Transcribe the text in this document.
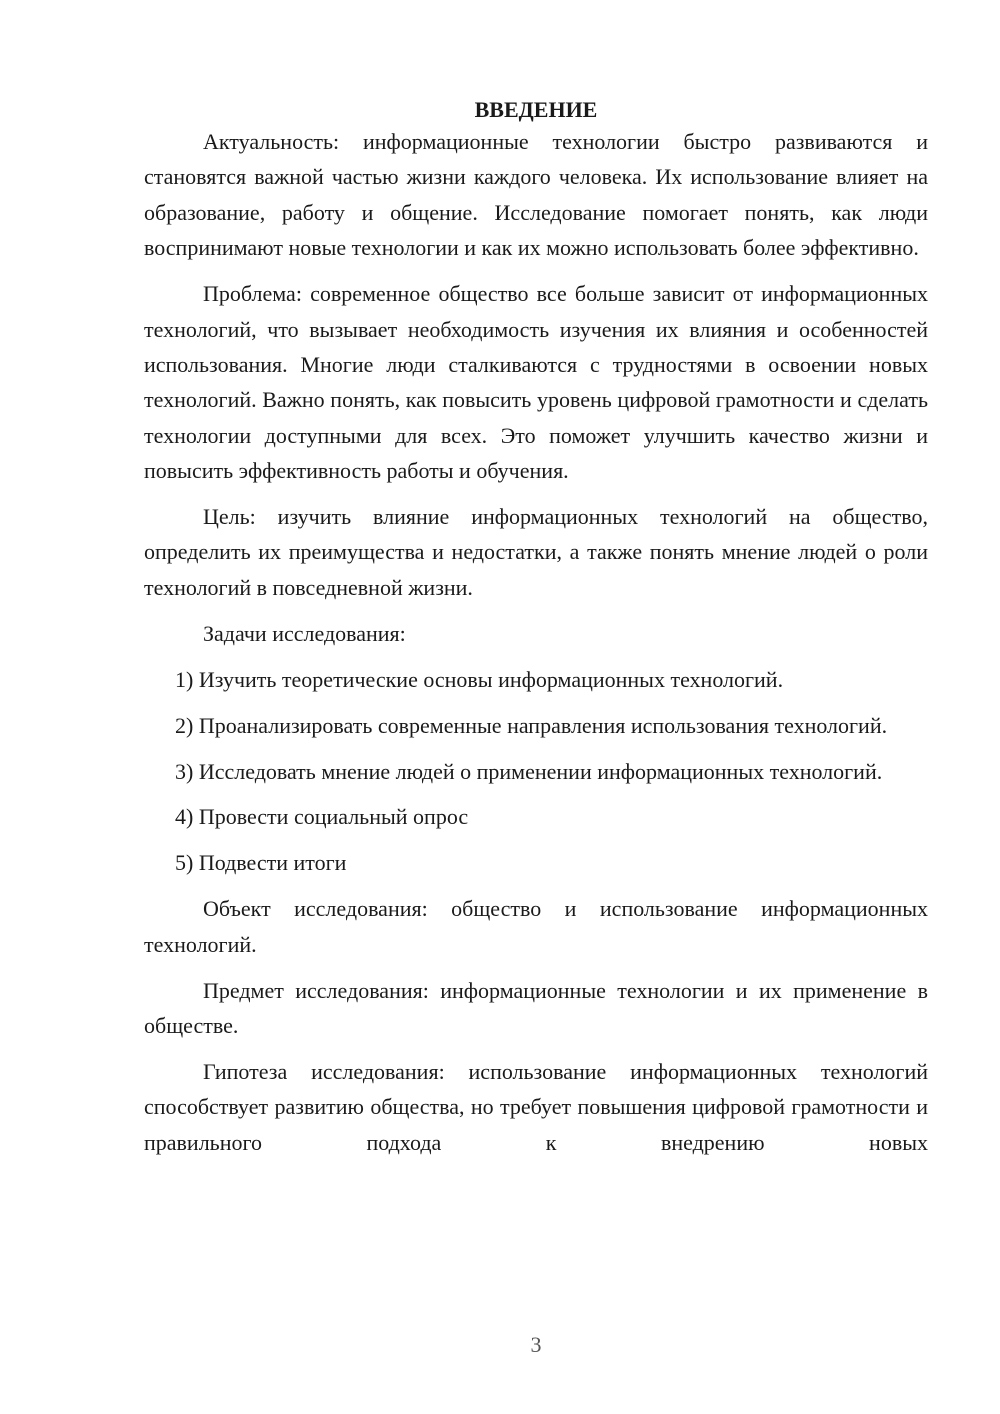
ВВЕДЕНИЕ

Актуальность: информационные технологии быстро развиваются и становятся важной частью жизни каждого человека. Их использование влияет на образование, работу и общение. Исследование помогает понять, как люди воспринимают новые технологии и как их можно использовать более эффективно.

Проблема: современное общество все больше зависит от информационных технологий, что вызывает необходимость изучения их влияния и особенностей использования. Многие люди сталкиваются с трудностями в освоении новых технологий. Важно понять, как повысить уровень цифровой грамотности и сделать технологии доступными для всех. Это поможет улучшить качество жизни и повысить эффективность работы и обучения.

Цель: изучить влияние информационных технологий на общество, определить их преимущества и недостатки, а также понять мнение людей о роли технологий в повседневной жизни.

Задачи исследования:

1) Изучить теоретические основы информационных технологий.

2) Проанализировать современные направления использования технологий.

3) Исследовать мнение людей о применении информационных технологий.

4) Провести социальный опрос

5) Подвести итоги

Объект исследования: общество и использование информационных технологий.

Предмет исследования: информационные технологии и их применение в обществе.

Гипотеза исследования: использование информационных технологий способствует развитию общества, но требует повышения цифровой грамотности и правильного подхода к внедрению новых

3
